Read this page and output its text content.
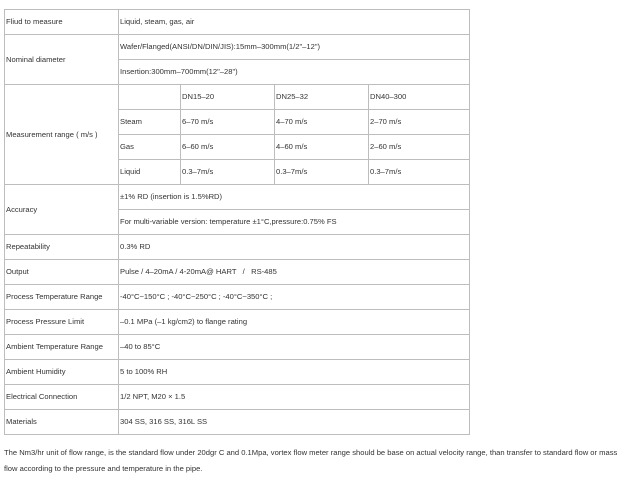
Fliud to measure	Liquid, steam, gas, air			
Nominal diameter	Wafer/Flanged(ANSI/DN/DIN/JIS):15mm–300mm(1/2"–12")			
	Insertion:300mm–700mm(12"–28")			
Measurement range ( m/s )		DN15–20	DN25–32	DN40–300
	Steam	6–70 m/s	4–70 m/s	2–70 m/s
	Gas	6–60 m/s	4–60 m/s	2–60 m/s
	Liquid	0.3–7m/s	0.3–7m/s	0.3–7m/s
Accuracy	±1% RD (insertion is 1.5%RD)			
	For multi-variable version: temperature ±1°C,pressure:0.75% FS			
Repeatability	0.3% RD			
Output	Pulse / 4–20mA / 4-20mA@ HART   /   RS-485			
Process Temperature Range	-40°C~150°C ; -40°C~250°C ; -40°C~350°C ;			
Process Pressure Limit	–0.1 MPa (–1 kg/cm2) to flange rating			
Ambient Temperature Range	–40 to 85°C			
Ambient Humidity	5 to 100% RH			
Electrical Connection	1/2 NPT, M20 × 1.5			
Materials	304 SS, 316 SS, 316L SS			
The Nm3/hr unit of flow range, is the standard flow under 20dgr C and 0.1Mpa, vortex flow meter range should be base on actual velocity range, than transfer to standard flow or mass flow according to the pressure and temperature in the pipe.
